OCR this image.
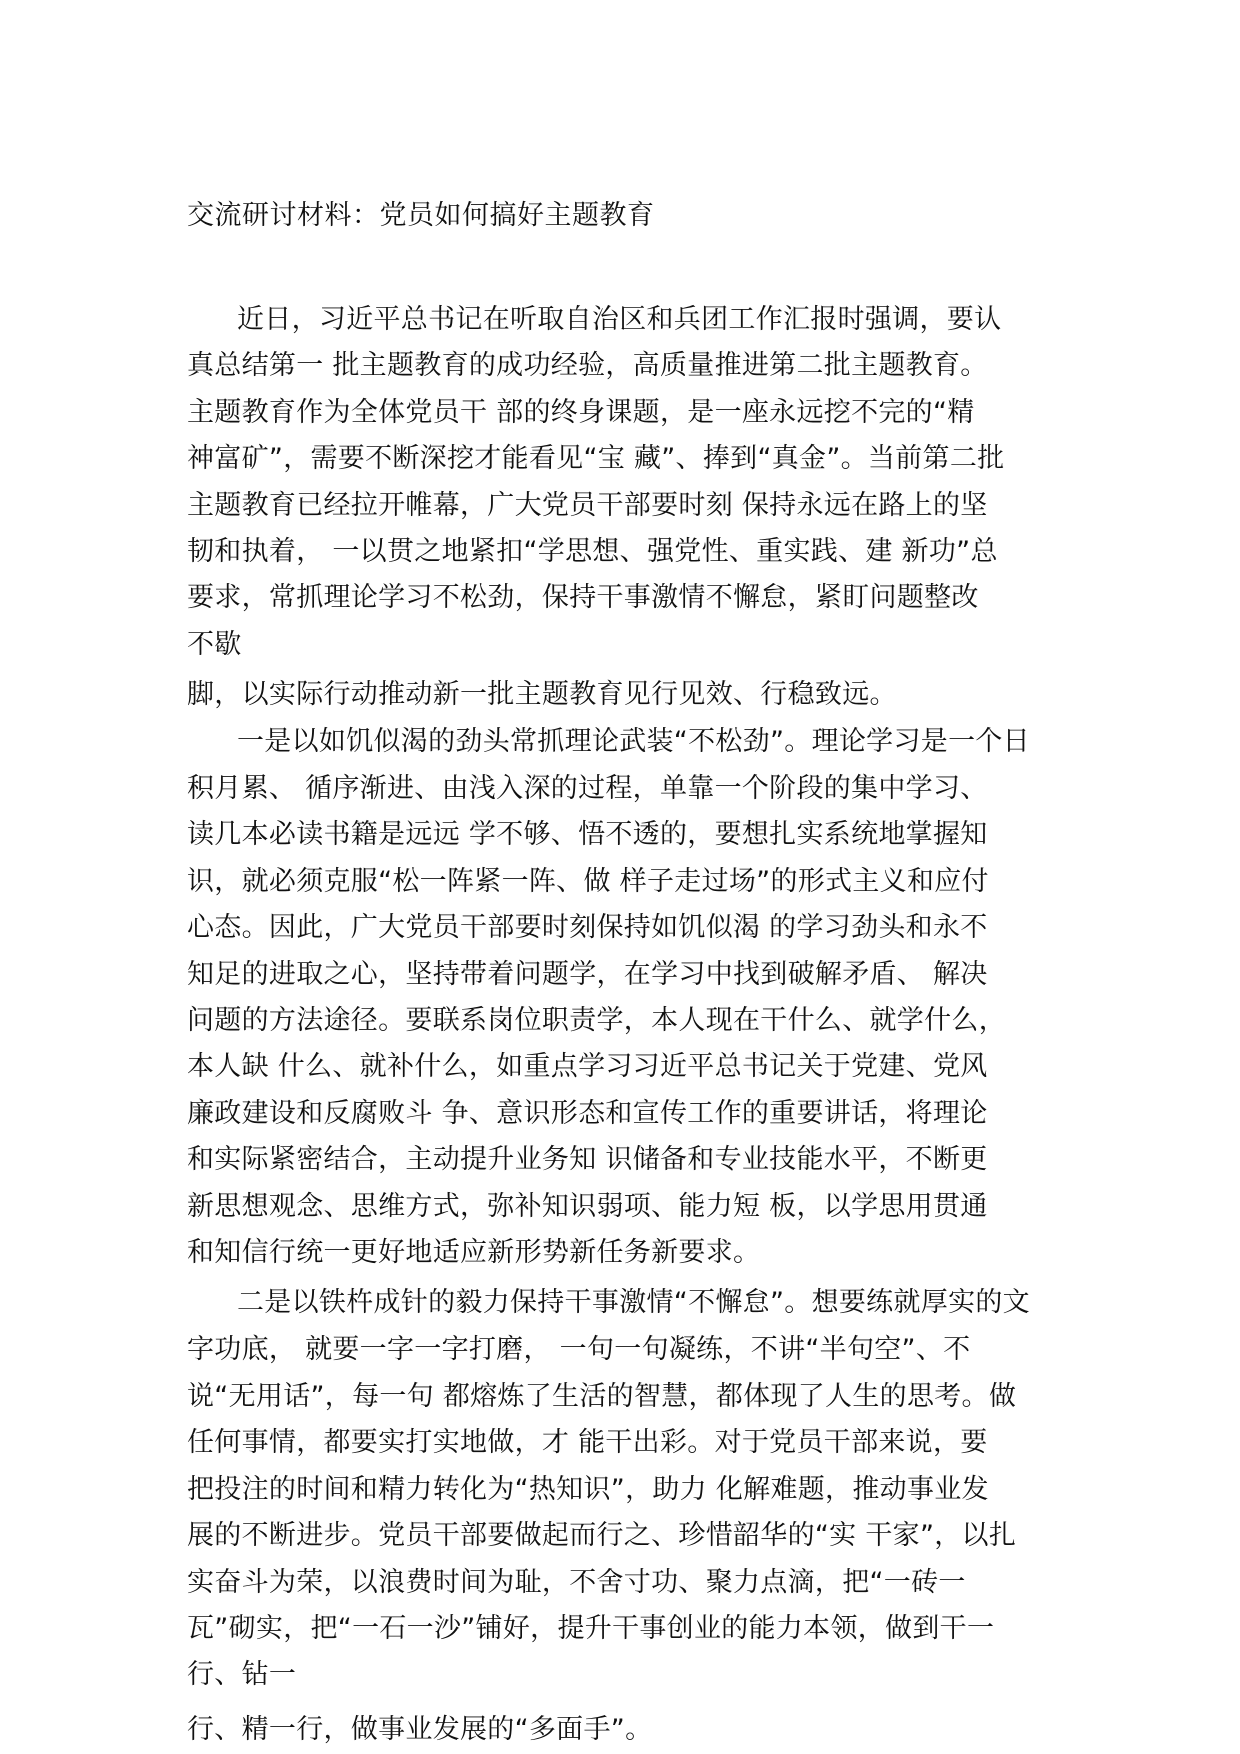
交流研讨材料：党员如何搞好主题教育
近日，习近平总书记在听取自治区和兵团工作汇报时强调，要认
真总结第一 批主题教育的成功经验，高质量推进第二批主题教育。
主题教育作为全体党员干 部的终身课题，是一座永远挖不完的“精
神富矿”，需要不断深挖才能看见“宝 藏”、捧到“真金”。当前第二批
主题教育已经拉开帷幕，广大党员干部要时刻 保持永远在路上的坚
韧和执着， 一以贯之地紧扣“学思想、强党性、重实践、建 新功”总
要求，常抓理论学习不松劲，保持干事激情不懈怠，紧盯问题整改
不歇
脚，以实际行动推动新一批主题教育见行见效、行稳致远。
一是以如饥似渴的劲头常抓理论武装“不松劲”。理论学习是一个日
积月累、 循序渐进、由浅入深的过程，单靠一个阶段的集中学习、
读几本必读书籍是远远 学不够、悟不透的，要想扎实系统地掌握知
识，就必须克服“松一阵紧一阵、做 样子走过场”的形式主义和应付
心态。因此，广大党员干部要时刻保持如饥似渴 的学习劲头和永不
知足的进取之心，坚持带着问题学，在学习中找到破解矛盾、 解决
问题的方法途径。要联系岗位职责学，本人现在干什么、就学什么，
本人缺 什么、就补什么，如重点学习习近平总书记关于党建、党风
廉政建设和反腐败斗 争、意识形态和宣传工作的重要讲话，将理论
和实际紧密结合，主动提升业务知 识储备和专业技能水平，不断更
新思想观念、思维方式，弥补知识弱项、能力短 板，以学思用贯通
和知信行统一更好地适应新形势新任务新要求。
二是以铁杵成针的毅力保持干事激情“不懈怠”。想要练就厚实的文
字功底， 就要一字一字打磨， 一句一句凝练，不讲“半句空”、不
说“无用话”，每一句 都熔炼了生活的智慧，都体现了人生的思考。做
任何事情，都要实打实地做，才 能干出彩。对于党员干部来说，要
把投注的时间和精力转化为“热知识”，助力 化解难题，推动事业发
展的不断进步。党员干部要做起而行之、珍惜韶华的“实 干家”，以扎
实奋斗为荣，以浪费时间为耻，不舍寸功、聚力点滴，把“一砖一
瓦”砌实，把“一石一沙”铺好，提升干事创业的能力本领，做到干一
行、钻一
行、精一行，做事业发展的“多面手”。
